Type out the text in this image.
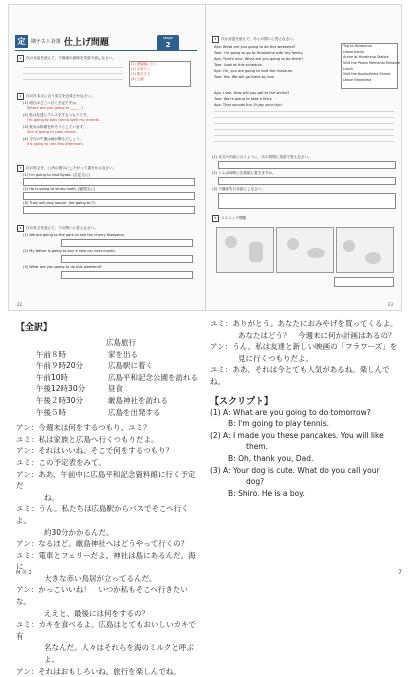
定	期テスト対策 仕上げ問題	stage
2
1 次の対話を読んで、下線部の意味を英語で表しなさい。
(1) 遊園地に行く
(2) お祭りに
(3) 散歩する
(4) 公園
2 次の日本文に合う英文を完成させなさい。
(1) 明日はどこへ行く予定ですか。
Where are you going to ______?
(2) 私は友達とテニスをするつもりです。
I'm going to play tennis with my friends.
(3) 彼女は料理を作ろうとしています。
She is going to cook dinner.
(4) 今日の午後は雨が降るでしょう。
It's going to rain this afternoon.
3 次の英文を、( )内の指示にしたがって書きかえなさい。
(1) I'm going to visit Kyoto. (否定文に)
(2) He is going to study math. (疑問文に)
(3) They will play soccer. (be going toで)
4 次の英文を読んで、下の問いに答えなさい。
(1) We are going to the park to see the cherry blossoms.
(2) My father is going to buy a new car next month.
(3) What are you going to do this weekend?
22
5 次の対話を読んで、あとの問いに答えなさい。
Trip to Hiroshima
Leave home
Arrive at Hiroshima Station
Visit the Peace Memorial Museum
Lunch
Visit the Itsukushima Shrine
Leave Hiroshima
Aya: What are you going to do this weekend?
Tom: I'm going to go to Hiroshima with my family.
Aya: That's nice. What are you going to do there?
Tom: Look at this schedule.
Aya: Oh, you are going to visit the museum.
Tom: Yes. We will go there by bus.
Aya: I see. How will you get to the shrine?
Tom: We're going to take a ferry.
Aya: That sounds fun. Enjoy your trip!
(1) 本文の内容に合うように、次の質問に英語で答えなさい。
(2) トムは何時に広島駅に着きますか。
(3) 下線部を日本語にしなさい。
6 リスニング問題
23

【全訳】

広島旅行
午前８時	家を出る
午前９時20分	広島駅に着く
午前10時	広島平和記念公園を訪れる
午後12時30分	昼食
午後２時30分	厳島神社を訪れる
午後５時	広島を出発する

アン：今週末は何をするつもり、ユミ？

ユミ：私は家族と広島へ行くつもりだよ。

アン：それはいいね。そこで何をするつもり？

ユミ：この予定表をみて。

アン：ああ、午前中に広島平和記念資料館に行く予定だ
ね。

ユミ：うん。私たちは広島駅からバスでそこへ行くよ。
約30分かかるんだ。

アン：なるほど。厳島神社へはどうやって行くの？

ユミ：電車とフェリーだよ。神社は島にあるんだ。海に
大きな赤い鳥居が立ってるんだ。

アン：かっこいいね！　いつか私もそこへ行きたいな。
ええと、最後には何をするの？

ユミ：カキを食べるよ。広島はとてもおいしいカキで有
名なんだ。人々はそれらを海のミルクと呼ぶよ。

アン：それはおもしろいね。旅行を楽しんでね。

ユミ：ありがとう。あなたにおみやげを買ってくるよ。
あなたはどう？　今週末に何か計画はあるの？

アン：うん。私は友達と新しい映画の「フラワーズ」を
見に行くつもりだよ。

ユミ：ああ、それは今とても人気があるね。楽しんでね。

【スクリプト】

(1) A: What are you going to do tomorrow?

B: I'm going to play tennis.

(2) A: I made you these pancakes. You will like

them.

B: Oh, thank you, Dad.

(3) A: Your dog is cute. What do you call your

dog?

B: Shiro. He is a boy.

M 英 2	7
